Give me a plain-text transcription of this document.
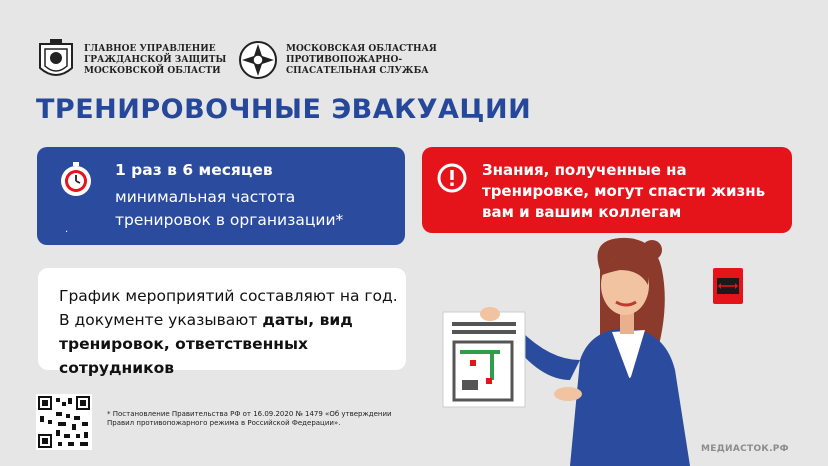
ГЛАВНОЕ УПРАВЛЕНИЕ ГРАЖДАНСКОЙ ЗАЩИТЫ МОСКОВСКОЙ ОБЛАСТИ
МОСКОВСКАЯ ОБЛАСТНАЯ ПРОТИВОПОЖАРНО-СПАСАТЕЛЬНАЯ СЛУЖБА
ТРЕНИРОВОЧНЫЕ ЭВАКУАЦИИ
1 раз в 6 месяцев
минимальная частота
тренировок в организации*
.
Знания, полученные на тренировке, могут спасти жизнь вам и вашим коллегам
График мероприятий составляют на год.
В документе указывают даты, вид
тренировок, ответственных сотрудников
* Постановление Правительства РФ от 16.09.2020 № 1479 «Об утверждении Правил противопожарного режима в Российской Федерации».
МЕДИАСТОК.РФ
